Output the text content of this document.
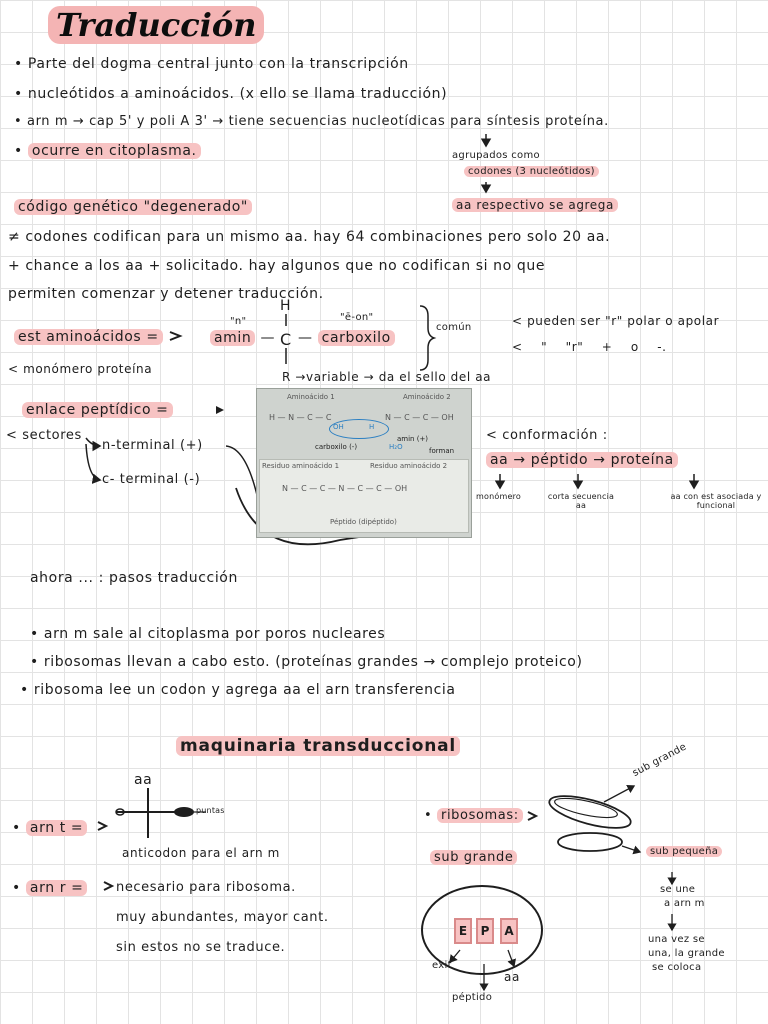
Traducción
• Parte del dogma central junto con la transcripción
• nucleótidos a aminoácidos. (x ello se llama traducción)
• arn m → cap 5' y poli A 3' → tiene secuencias nucleotídicas para síntesis proteína.
• ocurre en citoplasma.	agrupados como
codones (3 nucleótidos)
aa respectivo se agrega
código genético "degenerado"
≠ codones codifican para un mismo aa. hay 64 combinaciones pero solo 20 aa.
+ chance a los aa + solicitado. hay algunos que no codifican si no que
permiten comenzar y detener traducción.
est aminoácidos =
H
"n"
amin — C
"ē-on"
— carboxilo
común	< pueden ser "r" polar o apolar
< " "r" + o -.
< monómero proteína
R →variable → da el sello del aa
enlace peptídico =
< sectores
n-terminal (+)
c- terminal (-)
Aminoácido 1	Aminoácido 2
H — N — C — C	N — C — C — OH
OH	H
carboxilo (-)
amin (+)
H₂O	forman
Residuo aminoácido 1	Residuo aminoácido 2
N — C — C — N — C — C — OH
Péptido (dipéptido)
< conformación :
aa → péptido → proteína
monómero	corta secuencia aa
aa con est asociada y funcional
ahora ... : pasos traducción
• arn m sale al citoplasma por poros nucleares
• ribosomas llevan a cabo esto. (proteínas grandes → complejo proteico)
• ribosoma lee un codon y agrega aa el arn transferencia
maquinaria transduccional
• arn t =
aa
puntas
anticodon para el arn m
• arn r =	necesario para ribosoma.
muy abundantes, mayor cant.
sin estos no se traduce.
• ribosomas:
sub grande
sub grande
sub pequeña
se une
a arn m
una vez se
una, la grande
se coloca
E	P	A
exit
aa
péptido
